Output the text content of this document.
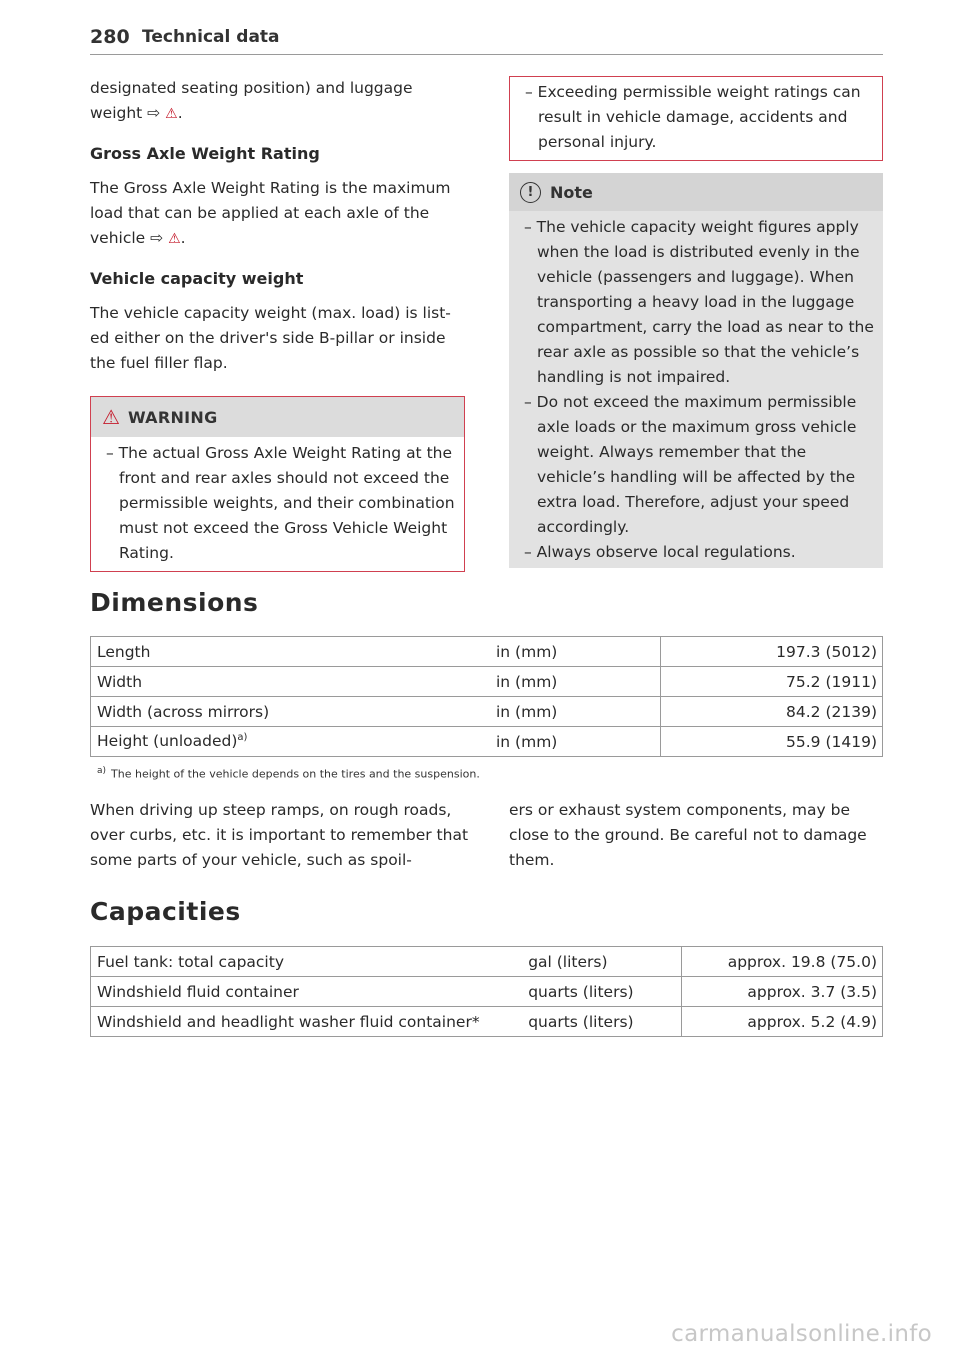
280 Technical data

designated seating position) and luggage
weight ⇨ ⚠.

Gross Axle Weight Rating

The Gross Axle Weight Rating is the maximum
load that can be applied at each axle of the
vehicle ⇨ ⚠.

Vehicle capacity weight

The vehicle capacity weight (max. load) is list-
ed either on the driver's side B-pillar or inside
the fuel filler flap.

⚠ WARNING

– The actual Gross Axle Weight Rating at the front and rear axles should not exceed the permissible weights, and their combination must not exceed the Gross Vehicle Weight Rating.

– Exceeding permissible weight ratings can result in vehicle damage, accidents and personal injury.

!	Note

– The vehicle capacity weight figures apply when the load is distributed evenly in the vehicle (passengers and luggage). When transporting a heavy load in the luggage compartment, carry the load as near to the rear axle as possible so that the vehicle’s handling is not impaired.

– Do not exceed the maximum permissible axle loads or the maximum gross vehicle weight. Always remember that the vehicle’s handling will be affected by the extra load. Therefore, adjust your speed accordingly.

– Always observe local regulations.

Dimensions
Length	in (mm)	197.3 (5012)
Width	in (mm)	75.2 (1911)
Width (across mirrors)	in (mm)	84.2 (2139)
Height (unloaded)$^{a)}$	in (mm)	55.9 (1419)
$^{a)}$ The height of the vehicle depends on the tires and the suspension.
When driving up steep ramps, on rough roads, over curbs, etc. it is important to remember that some parts of your vehicle, such as spoil-
ers or exhaust system components, may be close to the ground. Be careful not to damage them.
Capacities
Fuel tank: total capacity	gal (liters)	approx. 19.8 (75.0)
Windshield fluid container	quarts (liters)	approx. 3.7 (3.5)
Windshield and headlight washer fluid container*	quarts (liters)	approx. 5.2 (4.9)
carmanualsonline.info
